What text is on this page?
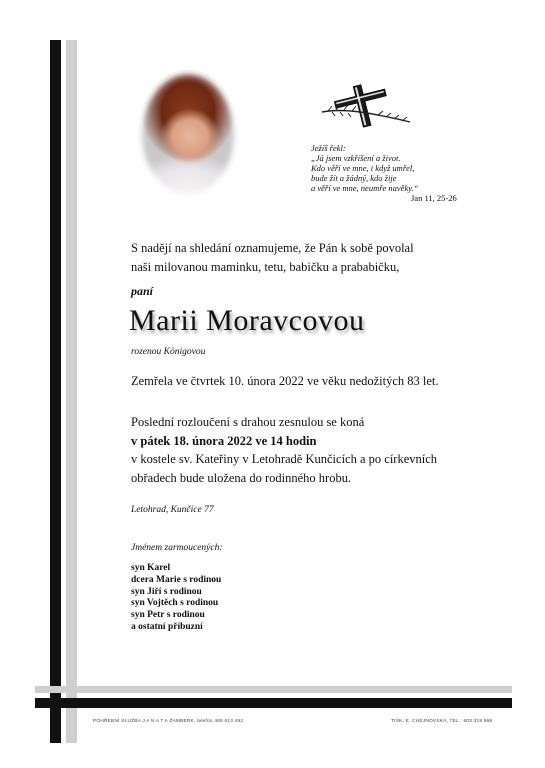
Ježíš řekl:
„Já jsem vzkříšení a život.
Kdo věří ve mne, i když umřel,
bude žít a žádný, kdo žije
a věří ve mne, neumře navěky.“
Jan 11, 25-26
S nadějí na shledání oznamujeme, že Pán k sobě povolal
naši milovanou maminku, tetu, babičku a prababičku,
paní
Marii Moravcovou
rozenou Königovou
Zemřela ve čtvrtek 10. února 2022 ve věku nedožitých 83 let.
Poslední rozloučení s drahou zesnulou se koná
v pátek 18. února 2022 ve 14 hodin
v kostele sv. Kateřiny v Letohradě Kunčicích a po církevních
obřadech bude uložena do rodinného hrobu.
Letohrad, Kunčice 77
Jménem zarmoucených:
syn Karel
dcera Marie s rodinou
syn Jiří s rodinou
syn Vojtěch s rodinou
syn Petr s rodinou
a ostatní příbuzní
POHŘEBNÍ SLUŽBA J A N A T A ŽAMBERK, telefon 465 614 492	TISK: E. CHEJNOVSKÁ, TEL.: 603 319 966
